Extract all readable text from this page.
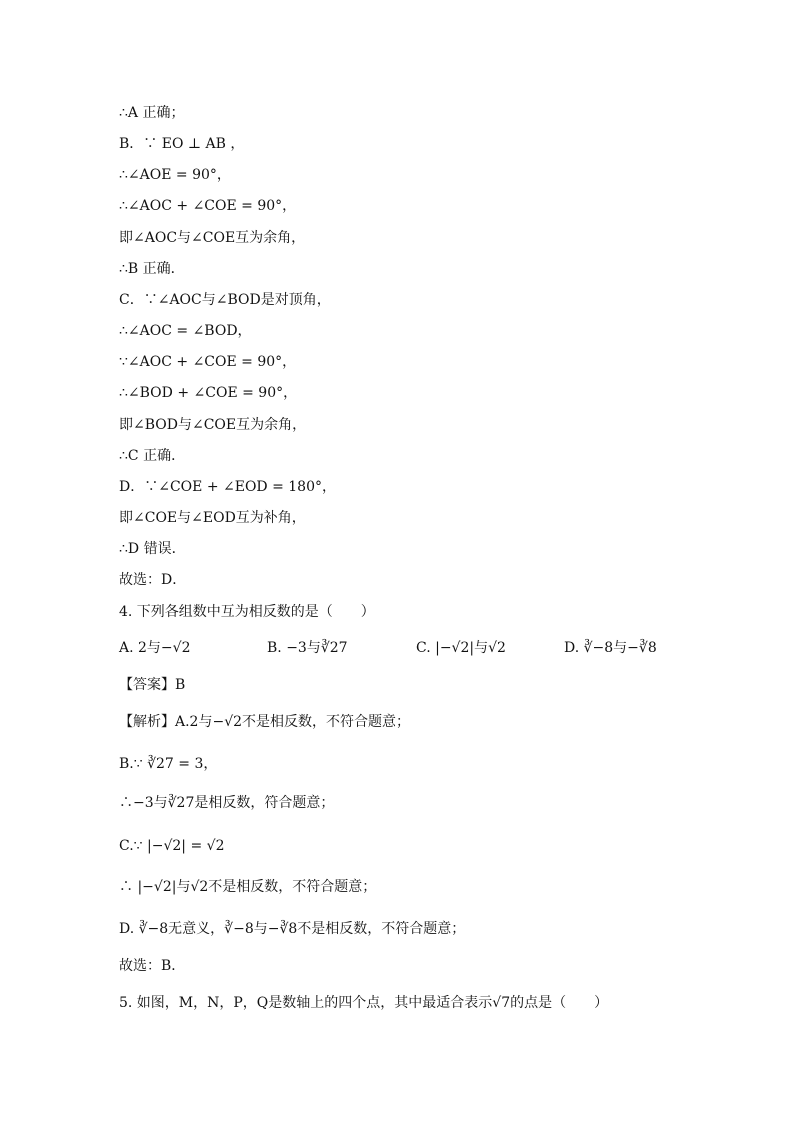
∴A 正确；
B．∵ EO ⊥ AB ，
∴∠AOE = 90°，
∴∠AOC + ∠COE = 90°，
即∠AOC与∠COE互为余角，
∴B 正确．
C．∵∠AOC与∠BOD是对顶角，
∴∠AOC = ∠BOD，
∵∠AOC + ∠COE = 90°，
∴∠BOD + ∠COE = 90°，
即∠BOD与∠COE互为余角，
∴C 正确．
D．∵∠COE + ∠EOD = 180°，
即∠COE与∠EOD互为补角，
∴D 错误．
故选：D．
4. 下列各组数中互为相反数的是（　　）
A. 2与−√2	B. −3与∛27	C. |−√2|与√2	D. ∛−8与−∛8
【答案】B
【解析】A.2与−√2不是相反数，不符合题意；
B.∵ ∛27 = 3，
∴−3与∛27是相反数，符合题意；
C.∵ |−√2| = √2
∴ |−√2|与√2不是相反数，不符合题意；
D. ∛−8无意义，∛−8与−∛8不是相反数，不符合题意；
故选：B．
5. 如图，M，N，P，Q是数轴上的四个点，其中最适合表示√7的点是（　　）
